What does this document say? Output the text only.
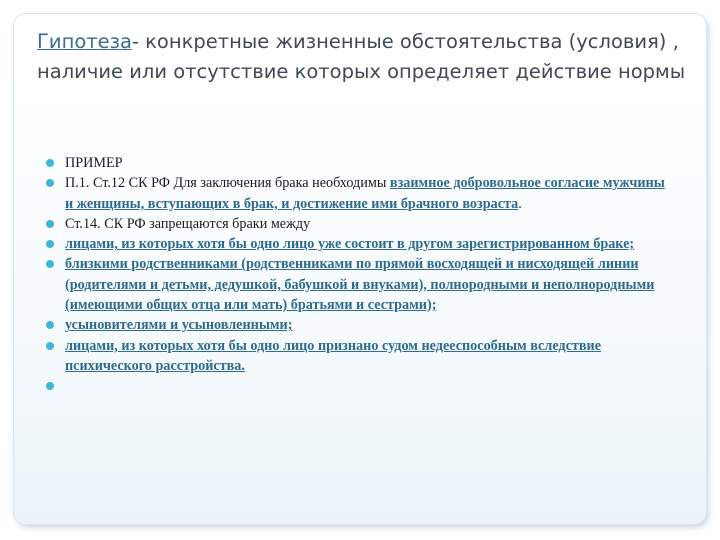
Гипотеза- конкретные жизненные обстоятельства (условия) , наличие или отсутствие которых определяет действие нормы
ПРИМЕР
П.1. Ст.12 СК РФ Для заключения брака необходимы взаимное добровольное согласие мужчины и женщины, вступающих в брак, и достижение ими брачного возраста.
Ст.14. СК РФ запрещаются браки между
лицами, из которых хотя бы одно лицо уже состоит в другом зарегистрированном браке;
близкими родственниками (родственниками по прямой восходящей и нисходящей линии (родителями и детьми, дедушкой, бабушкой и внуками), полнородными и неполнородными (имеющими общих отца или мать) братьями и сестрами);
усыновителями и усыновленными;
лицами, из которых хотя бы одно лицо признано судом недееспособным вследствие психического расстройства.
